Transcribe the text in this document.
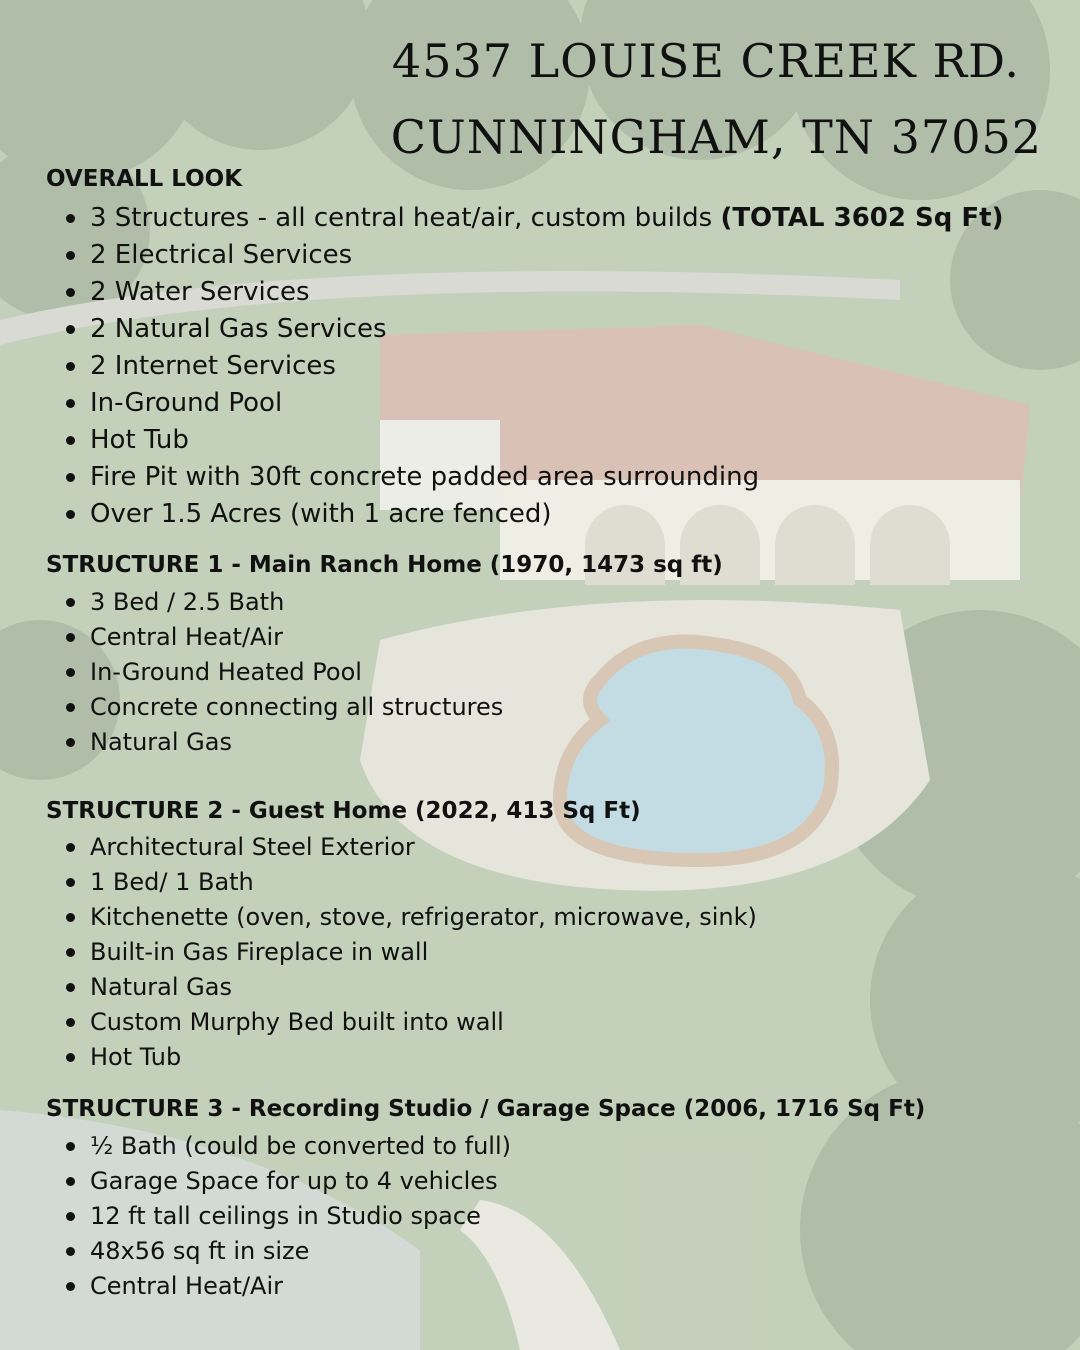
4537 LOUISE CREEK RD.
CUNNINGHAM, TN 37052
OVERALL LOOK
3 Structures - all central heat/air, custom builds (TOTAL 3602 Sq Ft)
2 Electrical Services
2 Water Services
2 Natural Gas Services
2 Internet Services
In-Ground Pool
Hot Tub
Fire Pit with 30ft concrete padded area surrounding
Over 1.5 Acres (with 1 acre fenced)
STRUCTURE 1 - Main Ranch Home (1970, 1473 sq ft)
3 Bed / 2.5 Bath
Central Heat/Air
In-Ground Heated Pool
Concrete connecting all structures
Natural Gas
STRUCTURE 2 - Guest Home (2022, 413 Sq Ft)
Architectural Steel Exterior
1 Bed/ 1 Bath
Kitchenette (oven, stove, refrigerator, microwave, sink)
Built-in Gas Fireplace in wall
Natural Gas
Custom Murphy Bed built into wall
Hot Tub
STRUCTURE 3 - Recording Studio / Garage Space (2006, 1716 Sq Ft)
½ Bath (could be converted to full)
Garage Space for up to 4 vehicles
12 ft tall ceilings in Studio space
48x56 sq ft in size
Central Heat/Air
